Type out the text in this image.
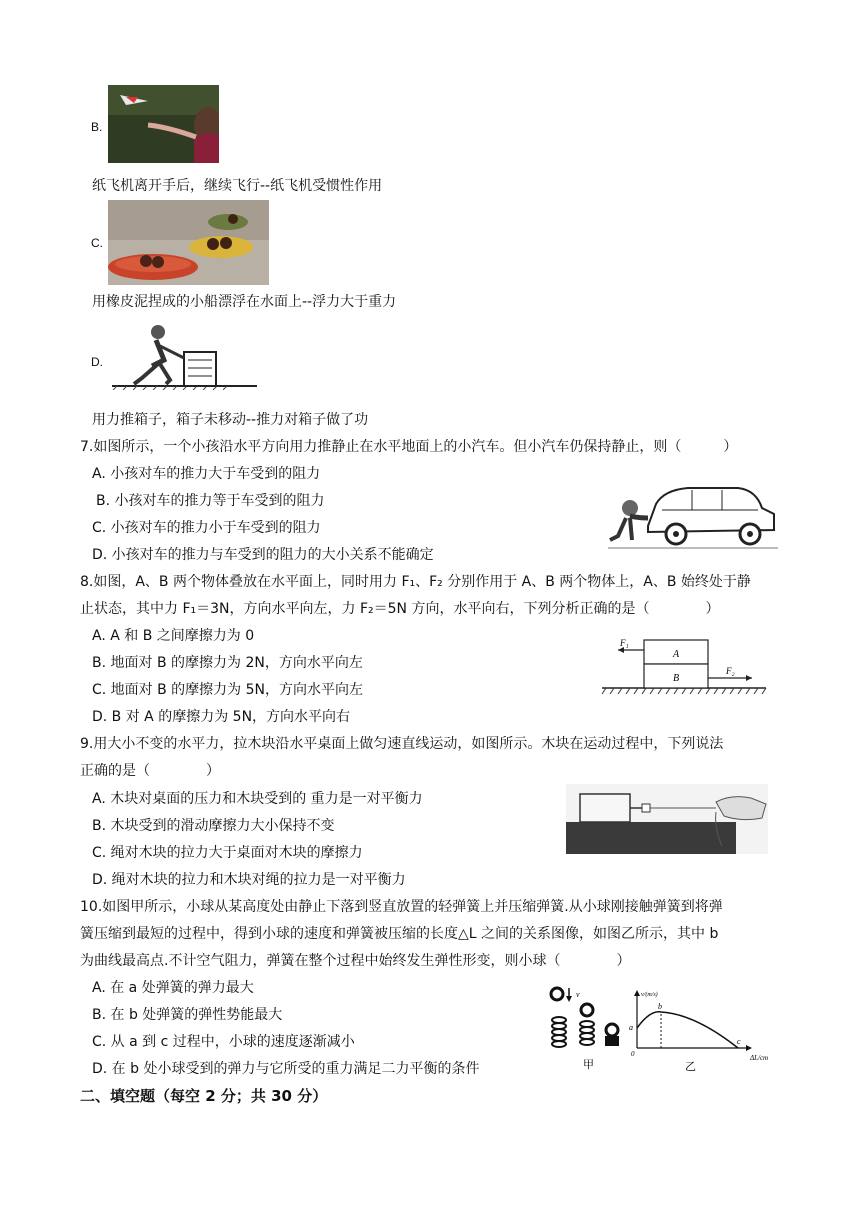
B.
纸飞机离开手后，继续飞行--纸飞机受惯性作用
C.
用橡皮泥捏成的小船漂浮在水面上--浮力大于重力
D.
用力推箱子，箱子未移动--推力对箱子做了功
7.如图所示，一个小孩沿水平方向用力推静止在水平地面上的小汽车。但小汽车仍保持静止，则（　　　）
A. 小孩对车的推力大于车受到的阻力
B. 小孩对车的推力等于车受到的阻力
C. 小孩对车的推力小于车受到的阻力
D. 小孩对车的推力与车受到的阻力的大小关系不能确定
8.如图，A、B 两个物体叠放在水平面上，同时用力 F₁、F₂ 分别作用于 A、B 两个物体上，A、B 始终处于静
止状态，其中力 F₁＝3N，方向水平向左，力 F₂＝5N 方向，水平向右，下列分析正确的是（　　　　）
A. A 和 B 之间摩擦力为 0
B. 地面对 B 的摩擦力为 2N，方向水平向左
C. 地面对 B 的摩擦力为 5N，方向水平向左
D. B 对 A 的摩擦力为 5N，方向水平向右
F₁
F₂
A
B
9.用大小不变的水平力，拉木块沿水平桌面上做匀速直线运动，如图所示。木块在运动过程中，下列说法
正确的是（　　　　）
A. 木块对桌面的压力和木块受到的 重力是一对平衡力
B. 木块受到的滑动摩擦力大小保持不变
C. 绳对木块的拉力大于桌面对木块的摩擦力
D. 绳对木块的拉力和木块对绳的拉力是一对平衡力
10.如图甲所示，小球从某高度处由静止下落到竖直放置的轻弹簧上并压缩弹簧.从小球刚接触弹簧到将弹
簧压缩到最短的过程中，得到小球的速度和弹簧被压缩的长度△L 之间的关系图像，如图乙所示，其中 b
为曲线最高点.不计空气阻力，弹簧在整个过程中始终发生弹性形变，则小球（　　　　）
A. 在 a 处弹簧的弹力最大
B. 在 b 处弹簧的弹性势能最大
C. 从 a 到 c 过程中，小球的速度逐渐减小
D. 在 b 处小球受到的弹力与它所受的重力满足二力平衡的条件
v
甲
v/(m/s)
ΔL/cm
a
b
c
0
乙
二、填空题（每空 2 分；共 30 分）
